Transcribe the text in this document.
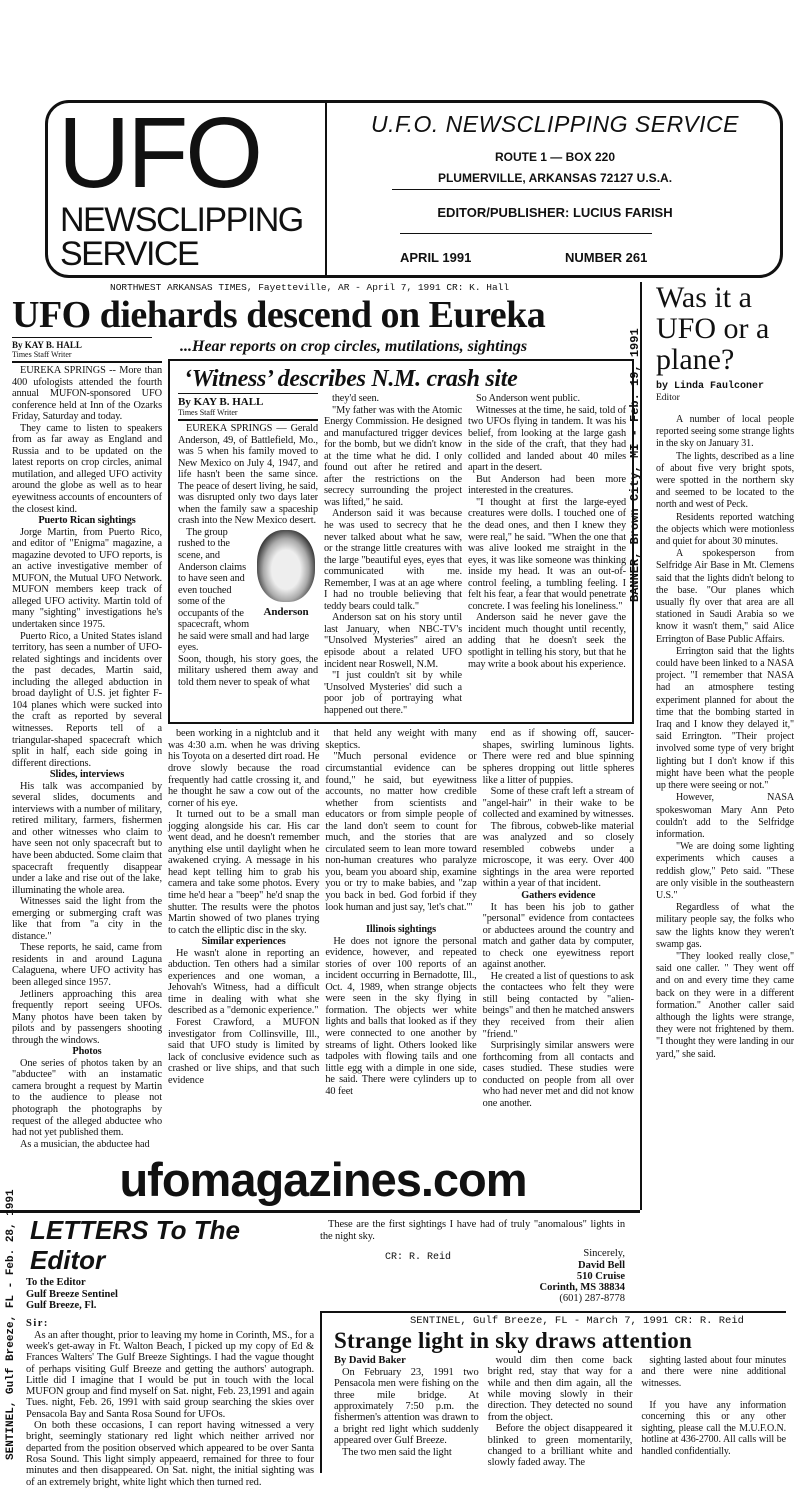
UFO
NEWSCLIPPING
SERVICE
U.F.O. NEWSCLIPPING SERVICE
ROUTE 1 — BOX 220
PLUMERVILLE, ARKANSAS 72127 U.S.A.
EDITOR/PUBLISHER: LUCIUS FARISH
APRIL 1991	NUMBER 261
NORTHWEST ARKANSAS TIMES, Fayetteville, AR - April 7, 1991 CR: K. Hall
UFO diehards descend on Eureka
By KAY B. HALL
Times Staff Writer

EUREKA SPRINGS -- More than 400 ufologists attended the fourth annual MUFON-sponsored UFO conference held at Inn of the Ozarks Friday, Saturday and today.

They came to listen to speakers from as far away as England and Russia and to be updated on the latest reports on crop circles, animal mutilation, and alleged UFO activity around the globe as well as to hear eyewitness accounts of encounters of the closest kind.

Puerto Rican sightings

Jorge Martin, from Puerto Rico, and editor of "Enigma" magazine, a magazine devoted to UFO reports, is an active investigative member of MUFON, the Mutual UFO Network. MUFON members keep track of alleged UFO activity. Martin told of many "sighting" investigations he's undertaken since 1975.

Puerto Rico, a United States island territory, has seen a number of UFO-related sightings and incidents over the past decades, Martin said, including the alleged abduction in broad daylight of U.S. jet fighter F-104 planes which were sucked into the craft as reported by several witnesses. Reports tell of a triangular-shaped spacecraft which split in half, each side going in different directions.

Slides, interviews

His talk was accompanied by several slides, documents and interviews with a number of military, retired military, farmers, fishermen and other witnesses who claim to have seen not only spacecraft but to have been abducted. Some claim that spacecraft frequently disappear under a lake and rise out of the lake, illuminating the whole area.

Witnesses said the light from the emerging or submerging craft was like that from "a city in the distance."

These reports, he said, came from residents in and around Laguna Calaguena, where UFO activity has been alleged since 1957.

Jetliners approaching this area frequently report seeing UFOs. Many photos have been taken by pilots and by passengers shooting through the windows.

Photos

One series of photos taken by an "abductee" with an instamatic camera brought a request by Martin to the audience to please not photograph the photographs by request of the alleged abductee who had not yet published them.

As a musician, the abductee had

...Hear reports on crop circles, mutilations, sightings
‘Witness’ describes N.M. crash site
By KAY B. HALL
Times Staff Writer

EUREKA SPRINGS — Gerald Anderson, 49, of Battlefield, Mo., was 5 when his family moved to New Mexico on July 4, 1947, and life hasn't been the same since. The peace of desert living, he said, was disrupted only two days later when the family saw a spaceship crash into the New Mexico desert.

Anderson

The group rushed to the scene, and Anderson claims to have seen and even touched some of the occupants of the spacecraft, whom he said were small and had large eyes.

Soon, though, his story goes, the military ushered them away and told them never to speak of what

they'd seen.

"My father was with the Atomic Energy Commission. He designed and manufactured trigger devices for the bomb, but we didn't know at the time what he did. I only found out after he retired and after the restrictions on the secrecy surrounding the project was lifted," he said.

Anderson said it was because he was used to secrecy that he never talked about what he saw, or the strange little creatures with the large "beautiful eyes, eyes that communicated with me. Remember, I was at an age where I had no trouble believing that teddy bears could talk."

Anderson sat on his story until last January, when NBC-TV's "Unsolved Mysteries" aired an episode about a related UFO incident near Roswell, N.M.

"I just couldn't sit by while 'Unsolved Mysteries' did such a poor job of portraying what happened out there."

So Anderson went public.

Witnesses at the time, he said, told of two UFOs flying in tandem. It was his belief, from looking at the large gash in the side of the craft, that they had collided and landed about 40 miles apart in the desert.

But Anderson had been more interested in the creatures.

"I thought at first the large-eyed creatures were dolls. I touched one of the dead ones, and then I knew they were real," he said. "When the one that was alive looked me straight in the eyes, it was like someone was thinking inside my head. It was an out-of-control feeling, a tumbling feeling. I felt his fear, a fear that would penetrate concrete. I was feeling his loneliness."

Anderson said he never gave the incident much thought until recently, adding that he doesn't seek the spotlight in telling his story, but that he may write a book about his experience.

been working in a nightclub and it was 4:30 a.m. when he was driving his Toyota on a deserted dirt road. He drove slowly because the road frequently had cattle crossing it, and he thought he saw a cow out of the corner of his eye.

It turned out to be a small man jogging alongside his car. His car went dead, and he doesn't remember anything else until daylight when he awakened crying. A message in his head kept telling him to grab his camera and take some photos. Every time he'd hear a "beep" he'd snap the shutter. The results were the photos Martin showed of two planes trying to catch the elliptic disc in the sky.

Similar experiences

He wasn't alone in reporting an abduction. Ten others had a similar experiences and one woman, a Jehovah's Witness, had a difficult time in dealing with what she described as a "demonic experience."

Forest Crawford, a MUFON investigator from Collinsville, Ill., said that UFO study is limited by lack of conclusive evidence such as crashed or live ships, and that such evidence

that held any weight with many skeptics.

"Much personal evidence or circumstantial evidence can be found," he said, but eyewitness accounts, no matter how credible whether from scientists and educators or from simple people of the land don't seem to count for much, and the stories that are circulated seem to lean more toward non-human creatures who paralyze you, beam you aboard ship, examine you or try to make babies, and "zap you back in bed. God forbid if they look human and just say, 'let's chat.'"

Illinois sightings

He does not ignore the personal evidence, however, and repeated stories of over 100 reports of an incident occurring in Bernadotte, Ill., Oct. 4, 1989, when strange objects were seen in the sky flying in formation. The objects wer white lights and balls that looked as if they were connected to one another by streams of light. Others looked like tadpoles with flowing tails and one little egg with a dimple in one side, he said. There were cylinders up to 40 feet

end as if showing off, saucer-shapes, swirling luminous lights. There were red and blue spinning spheres dropping out little spheres like a litter of puppies.

Some of these craft left a stream of "angel-hair" in their wake to be collected and examined by witnesses.

The fibrous, cobweb-like material was analyzed and so closely resembled cobwebs under a microscope, it was eery. Over 400 sightings in the area were reported within a year of that incident.

Gathers evidence

It has been his job to gather "personal" evidence from contactees or abductees around the country and match and gather data by computer, to check one eyewitness report against another.

He created a list of questions to ask the contactees who felt they were still being contacted by "alien-beings" and then he matched answers they received from their alien "friend."

Surprisingly similar answers were forthcoming from all contacts and cases studied. These studies were conducted on people from all over who had never met and did not know one another.

ufomagazines.com
BANNER, Brown City, MI - Feb. 19, 1991
Was it a UFO or a plane?
by Linda Faulconer
Editor

A number of local people reported seeing some strange lights in the sky on January 31.

The lights, described as a line of about five very bright spots, were spotted in the northern sky and seemed to be located to the north and west of Peck.

Residents reported watching the objects which were motionless and quiet for about 30 minutes.

A spokesperson from Selfridge Air Base in Mt. Clemens said that the lights didn't belong to the base. "Our planes which usually fly over that area are all stationed in Saudi Arabia so we know it wasn't them," said Alice Errington of Base Public Affairs.

Errington said that the lights could have been linked to a NASA project. "I remember that NASA had an atmosphere testing experiment planned for about the time that the bombing started in Iraq and I know they delayed it," said Errington. "Their project involved some type of very bright lighting but I don't know if this might have been what the people up there were seeing or not."

However, NASA spokeswoman Mary Ann Peto couldn't add to the Selfridge information.

"We are doing some lighting experiments which causes a reddish glow," Peto said. "These are only visible in the southeastern U.S."

Regardless of what the military people say, the folks who saw the lights know they weren't swamp gas.

"They looked really close," said one caller. " They went off and on and every time they came back on they were in a different formation." Another caller said although the lights were strange, they were not frightened by them. "I thought they were landing in our yard," she said.

SENTINEL, Gulf Breeze, FL - Feb. 28, 1991 LETTERS To The Editor
To the Editor
Gulf Breeze Sentinel
Gulf Breeze, Fl.
Sir:

As an after thought, prior to leaving my home in Corinth, MS., for a week's get-away in Ft. Walton Beach, I picked up my copy of Ed & Frances Walters' The Gulf Breeze Sightings. I had the vague thought of perhaps visiting Gulf Breeze and getting the authors' autograph. Little did I imagine that I would be put in touch with the local MUFON group and find myself on Sat. night, Feb. 23,1991 and again Tues. night, Feb. 26, 1991 with said group searching the skies over Pensacola Bay and Santa Rosa Sound for UFOs.

On both these occasions, I can report having witnessed a very bright, seemingly stationary red light which neither arrived nor departed from the position observed which appeared to be over Santa Rosa Sound. This light simply appeaerd, remained for three to four minutes and then disappeared. On Sat. night, the initial sighting was of an extremely bright, white light which then turned red.

These are the first sightings I have had of truly "anomalous" lights in the night sky.

CR: R. Reid	Sincerely,
David Bell
510 Cruise
Corinth, MS 38834
(601) 287-8778
SENTINEL, Gulf Breeze, FL - March 7, 1991 CR: R. Reid
Strange light in sky draws attention
By David Baker

On February 23, 1991 two Pensacola men were fishing on the three mile bridge. At approximately 7:50 p.m. the fishermen's attention was drawn to a bright red light which suddenly appeared over Gulf Breeze.

The two men said the light

would dim then come back bright red, stay that way for a while and then dim again, all the while moving slowly in their direction. They detected no sound from the object.

Before the object disappeared it blinked to green momentarily, changed to a brilliant white and slowly faded away. The

sighting lasted about four minutes and there were nine additional witnesses.

If you have any information concerning this or any other sighting, please call the M.U.F.O.N. hotline at 436-2700. All calls will be handled confidentially.
